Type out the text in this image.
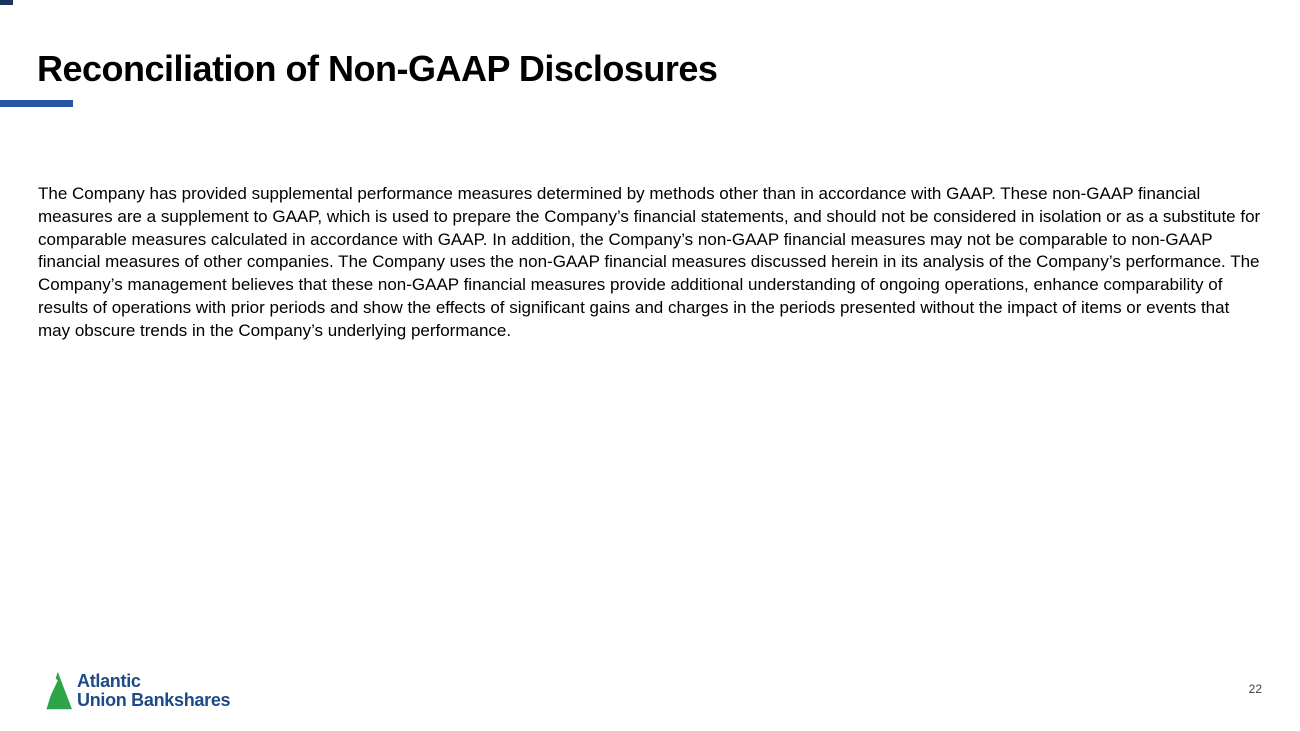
Reconciliation of Non-GAAP Disclosures

The Company has provided supplemental performance measures determined by methods other than in accordance with GAAP. These non-GAAP financial measures are a supplement to GAAP, which is used to prepare the Company’s financial statements, and should not be considered in isolation or as a substitute for comparable measures calculated in accordance with GAAP. In addition, the Company’s non-GAAP financial measures may not be comparable to non-GAAP financial measures of other companies. The Company uses the non-GAAP financial measures discussed herein in its analysis of the Company’s performance. The Company’s management believes that these non-GAAP financial measures provide additional understanding of ongoing operations, enhance comparability of results of operations with prior periods and show the effects of significant gains and charges in the periods presented without the impact of items or events that may obscure trends in the Company’s underlying performance.

Atlantic
Union Bankshares
22
